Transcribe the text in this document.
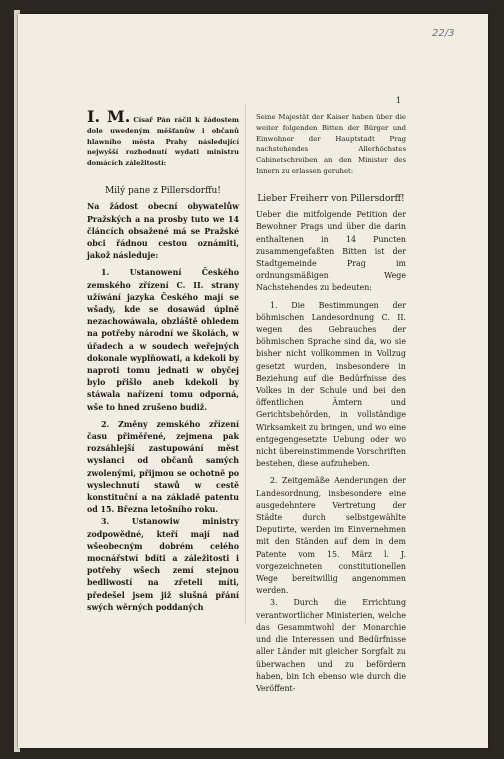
22/3
1
I. M. Císař Pán ráčil k žádostem dole uwedeným měšťanůw i občanů hlawního města Prahy následující nejwyšší rozhodnutí wydati ministru domácích záležitostí:
Milý pane z Pillersdorffu!

Na žádost obecní obywatelůw Pražských a na prosby tuto we 14 článcích obsažené má se Pražské obci řádnou cestou oznámiti, jakož následuje:

1. Ustanowení Českého zemského zřízení C. II. strany užíwání jazyka Českého mají se wšady, kde se dosawád úplně nezachowáwala, obzláště ohledem na potřeby národní we školách, w úřadech a w soudech weřejných dokonale wyplňowati, a kdekoli by naproti tomu jednati w obyčej bylo přišlo aneb kdekoli by stáwala nařízení tomu odporná, wše to hned zrušeno budiž.

2. Změny zemského zřízení času přiměřené, zejmena pak rozsáhlejší zastupowání měst wyslanci od občanů samých zwolenými, přijmou se ochotně po wyslechnutí stawů w cestě konstituční a na základě patentu od 15. Března letošního roku.

3. Ustanowiw ministry zodpowědné, kteří mají nad wšeobecným dobrém celého mocnářstwí bdíti a záležitosti i potřeby wšech zemí stejnou bedliwostí na zřeteli míti, předešel jsem již slušná přání swých wěrných poddaných

Seine Majestät der Kaiser haben über die weiter folgenden Bitten der Bürger und Einwohner der Hauptstadt Prag nachstehendes Allerhöchstes Cabinetschreiben an den Minister des Innern zu erlassen geruhet:
Lieber Freiherr von Pillersdorff!

Ueber die mitfolgende Petition der Bewohner Prags und über die darin enthaltenen in 14 Puncten zusammengefaßten Bitten ist der Stadtgemeinde Prag im ordnungsmäßigen Wege Nachstehendes zu bedeuten:

1. Die Bestimmungen der böhmischen Landesordnung C. II. wegen des Gebrauches der böhmischen Sprache sind da, wo sie bisher nicht vollkommen in Vollzug gesetzt wurden, insbesondere in Beziehung auf die Bedürfnisse des Volkes in der Schule und bei den öffentlichen Ämtern und Gerichtsbehörden, in vollständige Wirksamkeit zu bringen, und wo eine entgegengesetzte Uebung oder wo nicht übereinstimmende Vorschriften bestehen, diese aufzuheben.

2. Zeitgemäße Aenderungen der Landesordnung, insbesondere eine ausgedehntere Vertretung der Städte durch selbstgewählte Deputirte, werden im Einvernehmen mit den Ständen auf dem in dem Patente vom 15. März l. J. vorgezeichneten constitutionellen Wege bereitwillig angenommen werden.

3. Durch die Errichtung verantwortlicher Ministerien, welche das Gesammtwohl der Monarchie und die Interessen und Bedürfnisse aller Länder mit gleicher Sorgfalt zu überwachen und zu befördern haben, bin Ich ebenso wie durch die Veröffent-
